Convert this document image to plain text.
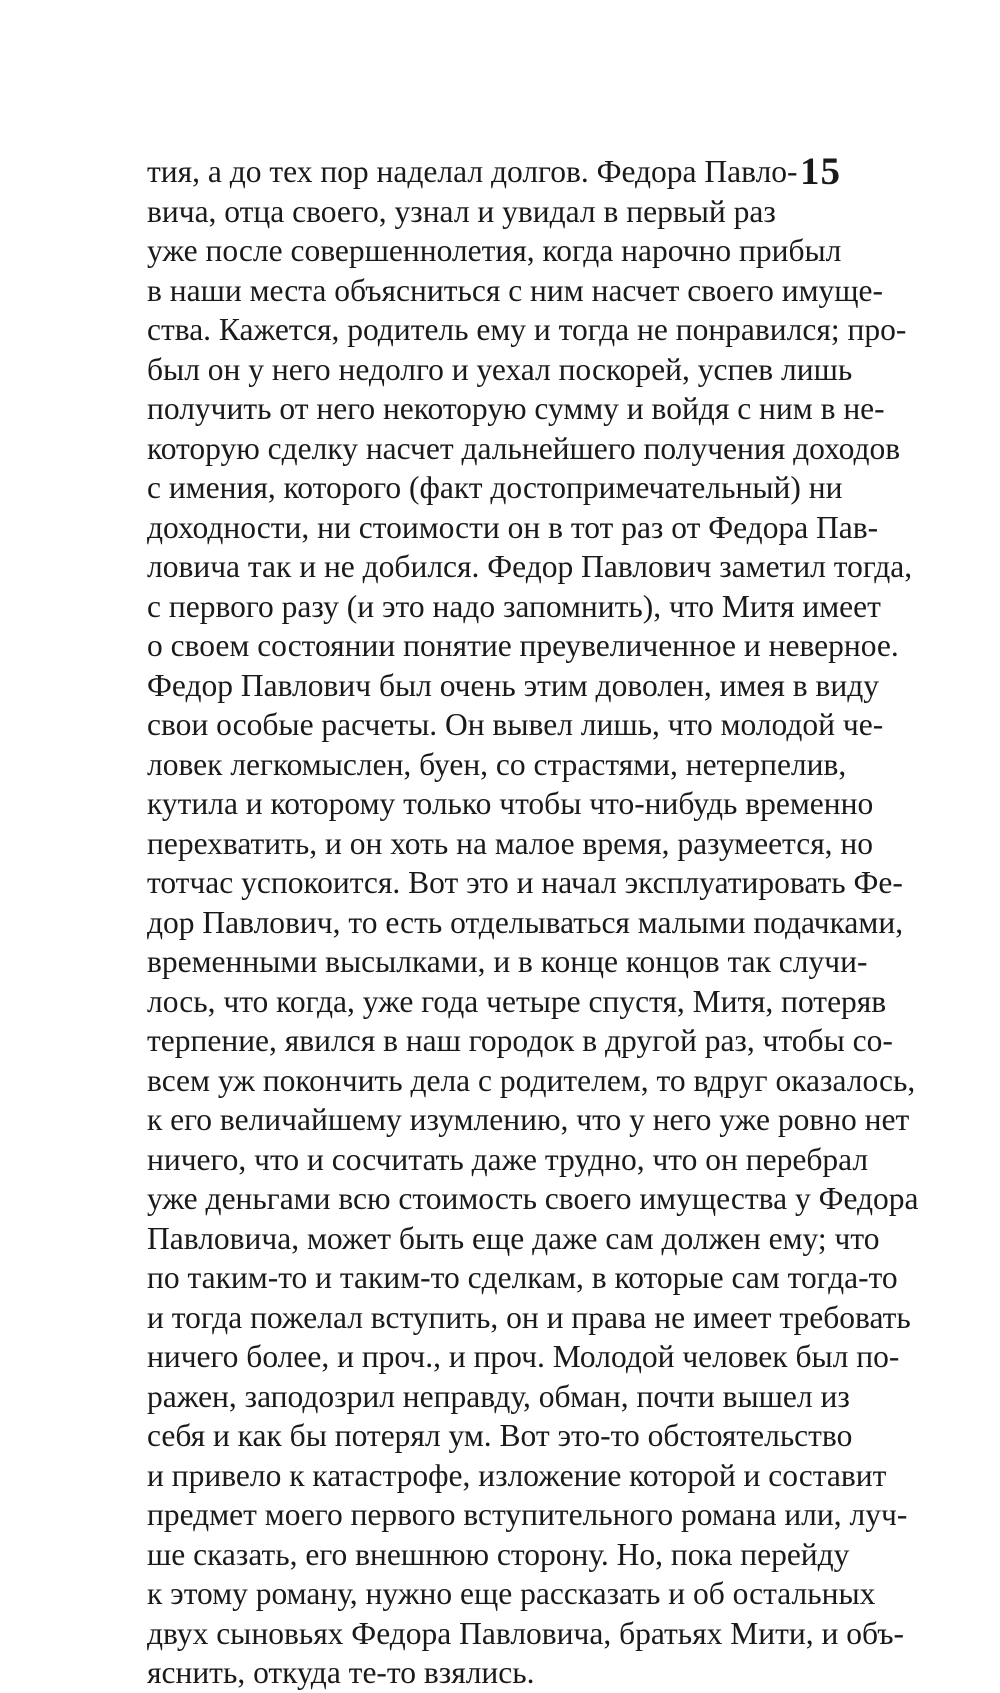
15
тия, а до тех пор наделал долгов. Федора Павло-
вича, отца своего, узнал и увидал в первый раз
уже после совершеннолетия, когда нарочно прибыл
в наши места объясниться с ним насчет своего имуще-
ства. Кажется, родитель ему и тогда не понравился; про-
был он у него недолго и уехал поскорей, успев лишь
получить от него некоторую сумму и войдя с ним в не-
которую сделку насчет дальнейшего получения доходов
с имения, которого (факт достопримечательный) ни
доходности, ни стоимости он в тот раз от Федора Пав-
ловича так и не добился. Федор Павлович заметил тогда,
с первого разу (и это надо запомнить), что Митя имеет
о своем состоянии понятие преувеличенное и неверное.
Федор Павлович был очень этим доволен, имея в виду
свои особые расчеты. Он вывел лишь, что молодой че-
ловек легкомыслен, буен, со страстями, нетерпелив,
кутила и которому только чтобы что-нибудь временно
перехватить, и он хоть на малое время, разумеется, но
тотчас успокоится. Вот это и начал эксплуатировать Фе-
дор Павлович, то есть отделываться малыми подачками,
временными высылками, и в конце концов так случи-
лось, что когда, уже года четыре спустя, Митя, потеряв
терпение, явился в наш городок в другой раз, чтобы со-
всем уж покончить дела с родителем, то вдруг оказалось,
к его величайшему изумлению, что у него уже ровно нет
ничего, что и сосчитать даже трудно, что он перебрал
уже деньгами всю стоимость своего имущества у Федора
Павловича, может быть еще даже сам должен ему; что
по таким-то и таким-то сделкам, в которые сам тогда-то
и тогда пожелал вступить, он и права не имеет требовать
ничего более, и проч., и проч. Молодой человек был по-
ражен, заподозрил неправду, обман, почти вышел из
себя и как бы потерял ум. Вот это-то обстоятельство
и привело к катастрофе, изложение которой и составит
предмет моего первого вступительного романа или, луч-
ше сказать, его внешнюю сторону. Но, пока перейду
к этому роману, нужно еще рассказать и об остальных
двух сыновьях Федора Павловича, братьях Мити, и объ-
яснить, откуда те-то взялись.
